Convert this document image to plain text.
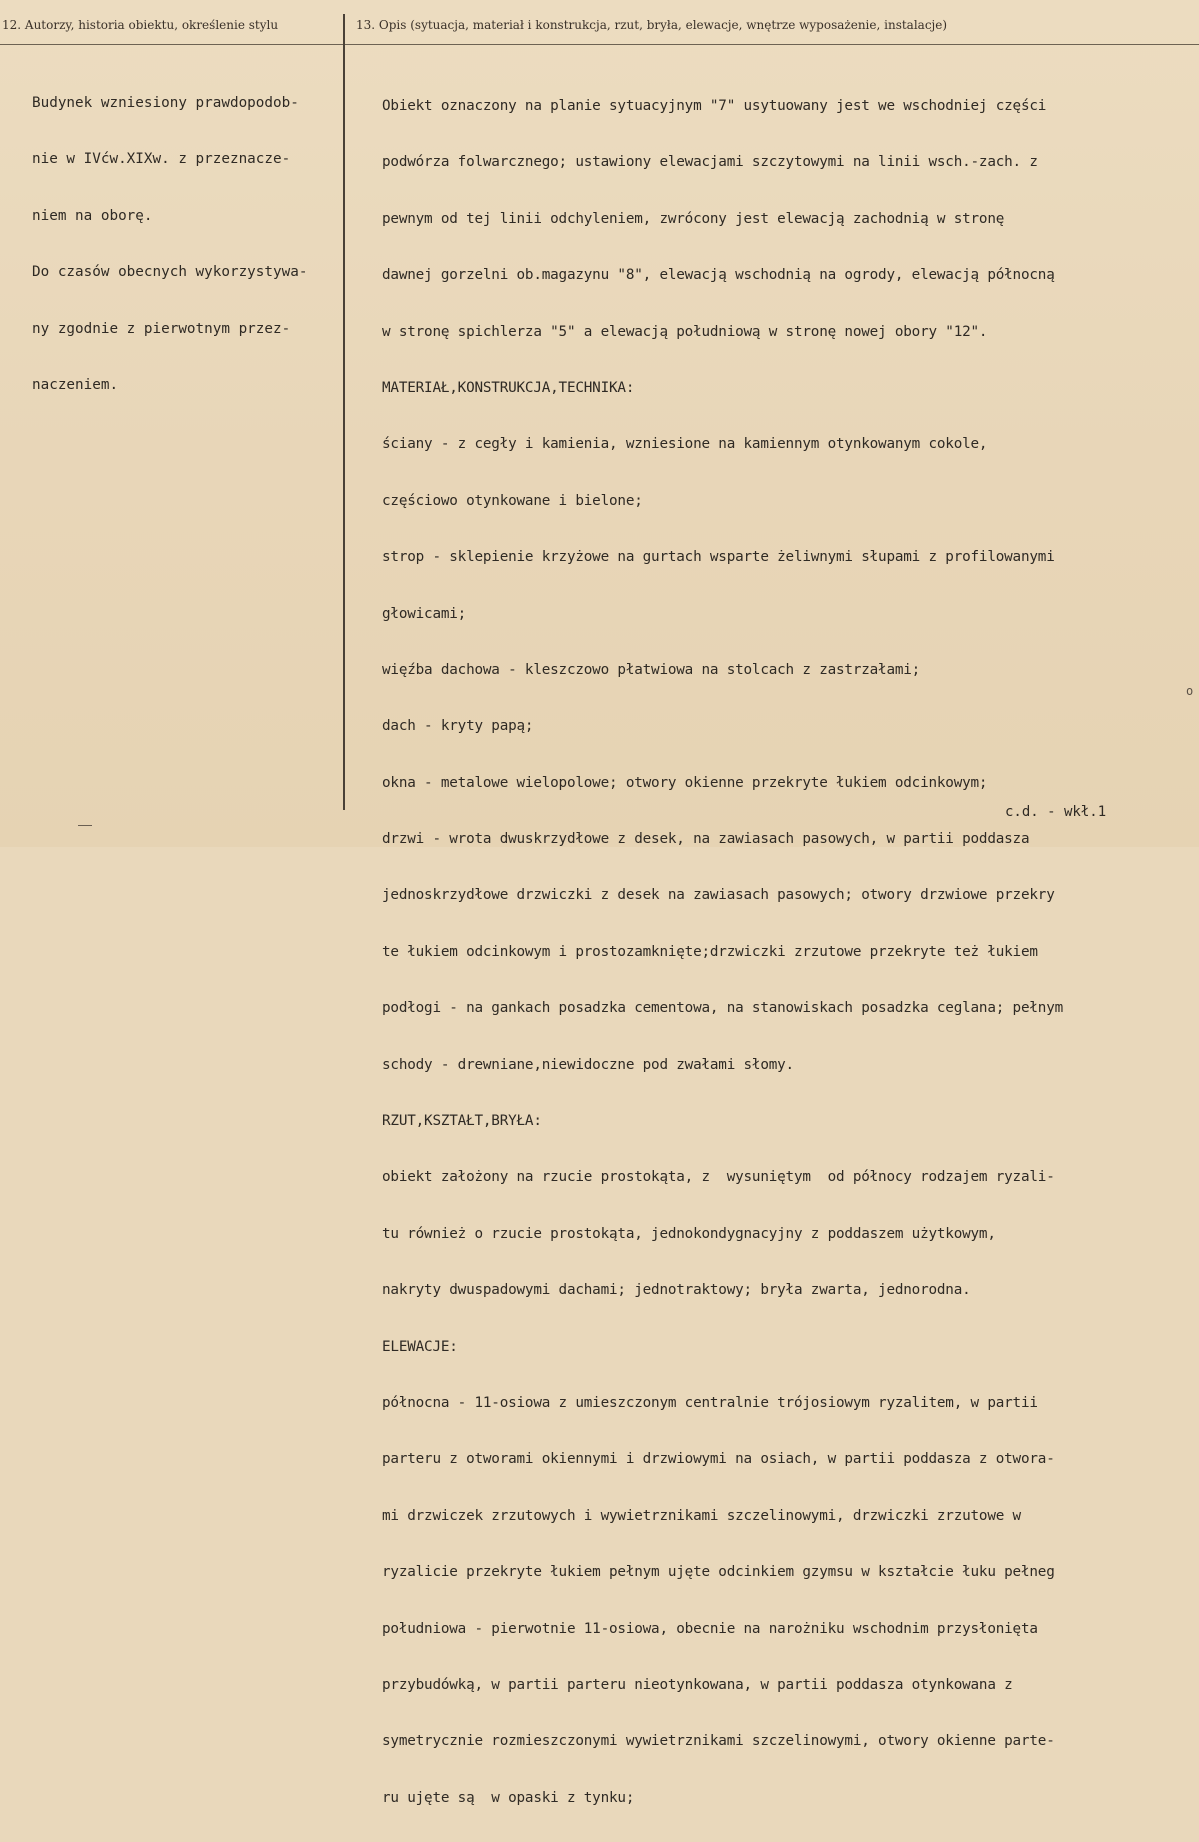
12. Autorzy, historia obiektu, określenie stylu	13. Opis (sytuacja, materiał i konstrukcja, rzut, bryła, elewacje, wnętrze wyposażenie, instalacje)

Budynek wzniesiony prawdopodob-

nie w IVćw.XIXw. z przeznacze-

niem na oborę.

Do czasów obecnych wykorzystywa-

ny zgodnie z pierwotnym przez-

naczeniem.

Obiekt oznaczony na planie sytuacyjnym "7" usytuowany jest we wschodniej części

podwórza folwarcznego; ustawiony elewacjami szczytowymi na linii wsch.-zach. z

pewnym od tej linii odchyleniem, zwrócony jest elewacją zachodnią w stronę

dawnej gorzelni ob.magazynu "8", elewacją wschodnią na ogrody, elewacją północną

w stronę spichlerza "5" a elewacją południową w stronę nowej obory "12".

MATERIAŁ,KONSTRUKCJA,TECHNIKA:

ściany - z cegły i kamienia, wzniesione na kamiennym otynkowanym cokole,

częściowo otynkowane i bielone;

strop - sklepienie krzyżowe na gurtach wsparte żeliwnymi słupami z profilowanymi

głowicami;

więźba dachowa - kleszczowo płatwiowa na stolcach z zastrzałami;

dach - kryty papą;

okna - metalowe wielopolowe; otwory okienne przekryte łukiem odcinkowym;

drzwi - wrota dwuskrzydłowe z desek, na zawiasach pasowych, w partii poddasza

jednoskrzydłowe drzwiczki z desek na zawiasach pasowych; otwory drzwiowe przekry

te łukiem odcinkowym i prostozamknięte;drzwiczki zrzutowe przekryte też łukiem

podłogi - na gankach posadzka cementowa, na stanowiskach posadzka ceglana; pełnym

schody - drewniane,niewidoczne pod zwałami słomy.

RZUT,KSZTAŁT,BRYŁA:

obiekt założony na rzucie prostokąta, z  wysuniętym  od północy rodzajem ryzali-

tu również o rzucie prostokąta, jednokondygnacyjny z poddaszem użytkowym,

nakryty dwuspadowymi dachami; jednotraktowy; bryła zwarta, jednorodna.

ELEWACJE:

północna - 11-osiowa z umieszczonym centralnie trójosiowym ryzalitem, w partii

parteru z otworami okiennymi i drzwiowymi na osiach, w partii poddasza z otwora-

mi drzwiczek zrzutowych i wywietrznikami szczelinowymi, drzwiczki zrzutowe w

ryzalicie przekryte łukiem pełnym ujęte odcinkiem gzymsu w kształcie łuku pełneg

południowa - pierwotnie 11-osiowa, obecnie na narożniku wschodnim przysłonięta

przybudówką, w partii parteru nieotynkowana, w partii poddasza otynkowana z

symetrycznie rozmieszczonymi wywietrznikami szczelinowymi, otwory okienne parte-

ru ujęte są  w opaski z tynku;

c.d. - wkł.1
o
